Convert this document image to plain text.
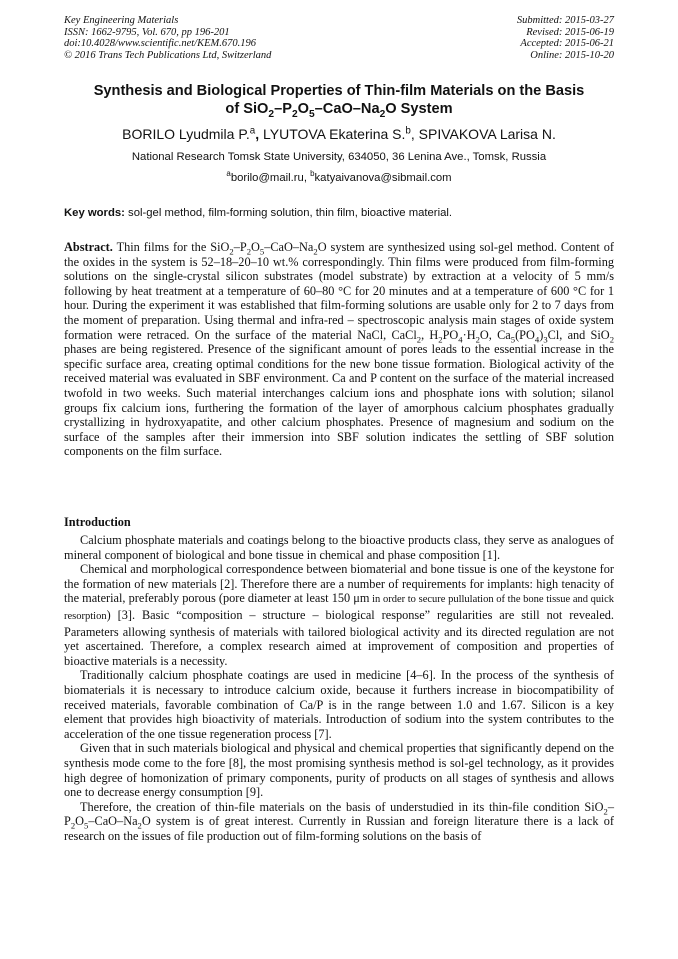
Key Engineering Materials
ISSN: 1662-9795, Vol. 670, pp 196-201
doi:10.4028/www.scientific.net/KEM.670.196
© 2016 Trans Tech Publications Ltd, Switzerland
Submitted: 2015-03-27
Revised: 2015-06-19
Accepted: 2015-06-21
Online: 2015-10-20
Synthesis and Biological Properties of Thin-film Materials on the Basis
of $SiO_2-P_2O_5-CaO-Na_2O$ System
BORILO Lyudmila P.$^a$, LYUTOVA Ekaterina S.$^b$, SPIVAKOVA Larisa N.
National Research Tomsk State University, 634050, 36 Lenina Ave., Tomsk, Russia
$^a$borilo@mail.ru, $^b$katyaivanova@sibmail.com
Key words: sol-gel method, film-forming solution, thin film, bioactive material.
Abstract. Thin films for the $SiO_2-P_2O_5-CaO-Na_2O$ system are synthesized using sol-gel method. Content of the oxides in the system is 52–18–20–10 wt.% correspondingly. Thin films were produced from film-forming solutions on the single-crystal silicon substrates (model substrate) by extraction at a velocity of 5 mm/s following by heat treatment at a temperature of 60–80 °C for 20 minutes and at a temperature of 600 °C for 1 hour. During the experiment it was established that film-forming solutions are usable only for 2 to 7 days from the moment of preparation. Using thermal and infra-red – spectroscopic analysis main stages of oxide system formation were retraced. On the surface of the material NaCl, CaCl$_2$, $H_2PO_4\cdot H_2O$, $Ca_5(PO_4)_3Cl$, and SiO$_2$ phases are being registered. Presence of the significant amount of pores leads to the essential increase in the specific surface area, creating optimal conditions for the new bone tissue formation. Biological activity of the received material was evaluated in SBF environment. Ca and P content on the surface of the material increased twofold in two weeks. Such material interchanges calcium ions and phosphate ions with solution; silanol groups fix calcium ions, furthering the formation of the layer of amorphous calcium phosphates gradually crystallizing in hydroxyapatite, and other calcium phosphates. Presence of magnesium and sodium on the surface of the samples after their immersion into SBF solution indicates the settling of SBF solution components on the film surface.
Introduction

Calcium phosphate materials and coatings belong to the bioactive products class, they serve as analogues of mineral component of biological and bone tissue in chemical and phase composition [1].

Chemical and morphological correspondence between biomaterial and bone tissue is one of the keystone for the formation of new materials [2]. Therefore there are a number of requirements for implants: high tenacity of the material, preferably porous (pore diameter at least 150 μm in order to secure pullulation of the bone tissue and quick resorption) [3]. Basic “composition – structure – biological response” regularities are still not revealed. Parameters allowing synthesis of materials with tailored biological activity and its directed regulation are not yet ascertained. Therefore, a complex research aimed at improvement of composition and properties of bioactive materials is a necessity.

Traditionally calcium phosphate coatings are used in medicine [4–6]. In the process of the synthesis of biomaterials it is necessary to introduce calcium oxide, because it furthers increase in biocompatibility of received materials, favorable combination of Ca/P is in the range between 1.0 and 1.67. Silicon is a key element that provides high bioactivity of materials. Introduction of sodium into the system contributes to the acceleration of the one tissue regeneration process [7].

Given that in such materials biological and physical and chemical properties that significantly depend on the synthesis mode come to the fore [8], the most promising synthesis method is sol-gel technology, as it provides high degree of homonization of primary components, purity of products on all stages of synthesis and allows one to decrease energy consumption [9].

Therefore, the creation of thin-file materials on the basis of understudied in its thin-file condition $SiO_2-P_2O_5-CaO-Na_2O$ system is of great interest. Currently in Russian and foreign literature there is a lack of research on the issues of file production out of film-forming solutions on the basis of
